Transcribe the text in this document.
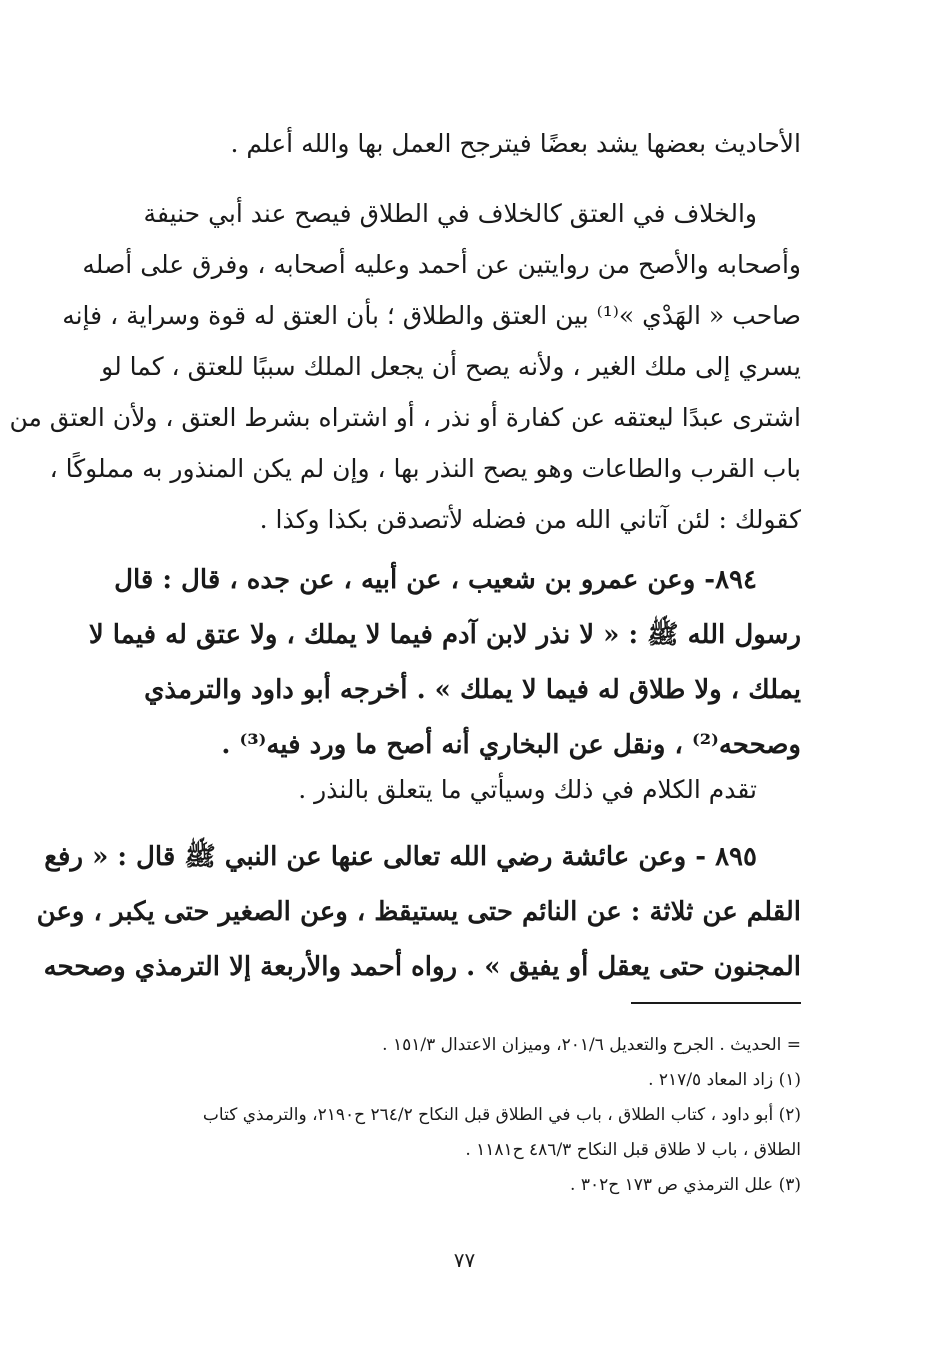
الأحاديث بعضها يشد بعضًا فيترجح العمل بها والله أعلم .
والخلاف في العتق كالخلاف في الطلاق فيصح عند أبي حنيفة
وأصحابه والأصح من روايتين عن أحمد وعليه أصحابه ، وفرق على أصله
صاحب « الهَدْي »⁽¹⁾ بين العتق والطلاق ؛ بأن العتق له قوة وسراية ، فإنه
يسري إلى ملك الغير ، ولأنه يصح أن يجعل الملك سببًا للعتق ، كما لو
اشترى عبدًا ليعتقه عن كفارة أو نذر ، أو اشتراه بشرط العتق ، ولأن العتق من
باب القرب والطاعات وهو يصح النذر بها ، وإن لم يكن المنذور به مملوكًا ،
كقولك : لئن آتاني الله من فضله لأتصدقن بكذا وكذا .
٨٩٤- وعن عمرو بن شعيب ، عن أبيه ، عن جده ، قال : قال
رسول الله ﷺ : « لا نذر لابن آدم فيما لا يملك ، ولا عتق له فيما لا
يملك ، ولا طلاق له فيما لا يملك » . أخرجه أبو داود والترمذي
وصححه⁽²⁾ ، ونقل عن البخاري أنه أصح ما ورد فيه⁽³⁾ .
تقدم الكلام في ذلك وسيأتي ما يتعلق بالنذر .
٨٩٥ - وعن عائشة رضي الله تعالى عنها عن النبي ﷺ قال : « رفع
القلم عن ثلاثة : عن النائم حتى يستيقظ ، وعن الصغير حتى يكبر ، وعن
المجنون حتى يعقل أو يفيق » . رواه أحمد والأربعة إلا الترمذي وصححه
= الحديث . الجرح والتعديل ٢٠١/٦، وميزان الاعتدال ١٥١/٣ .
(١) زاد المعاد ٢١٧/٥ .
(٢) أبو داود ، كتاب الطلاق ، باب في الطلاق قبل النكاح ٢٦٤/٢ ح٢١٩٠، والترمذي كتاب
الطلاق ، باب لا طلاق قبل النكاح ٤٨٦/٣ ح١١٨١ .
(٣) علل الترمذي ص ١٧٣ ح٣٠٢ .
٧٧
